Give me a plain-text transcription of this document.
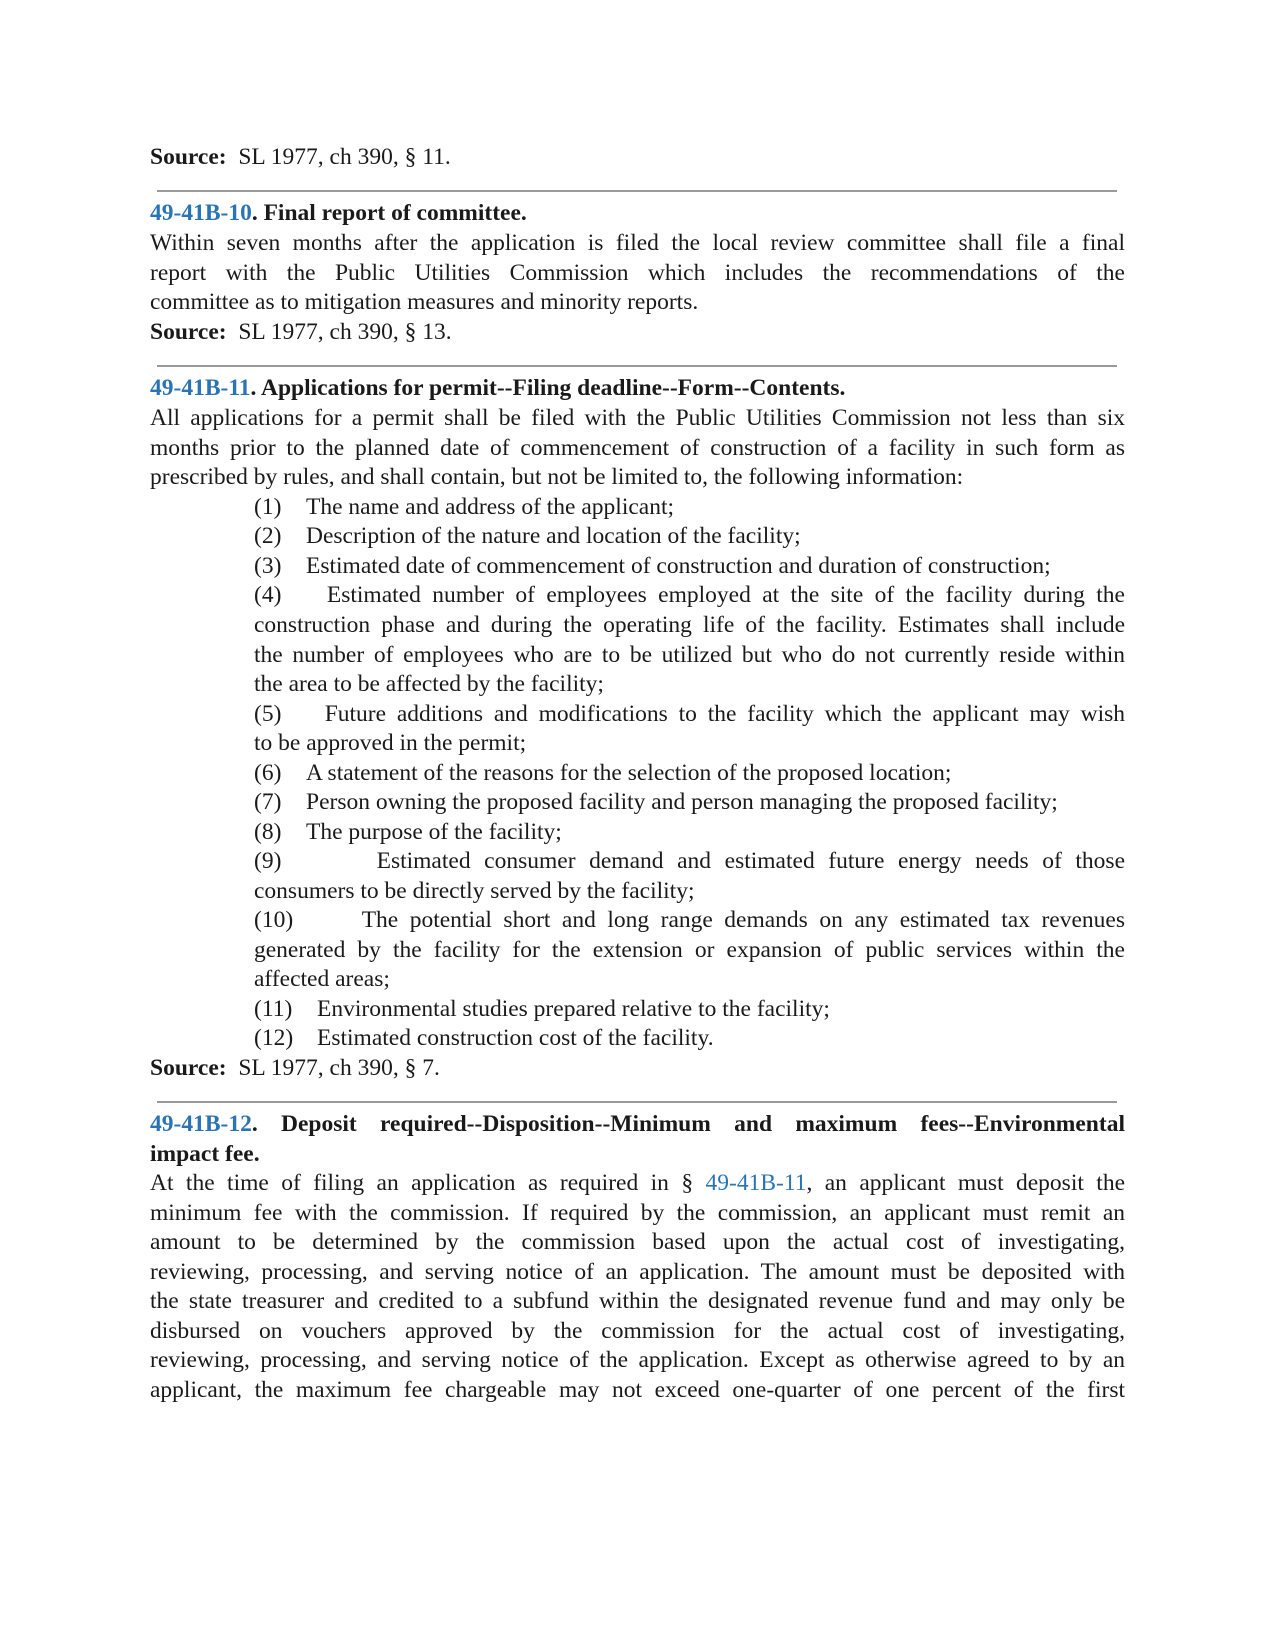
Source: SL 1977, ch 390, § 11.
49-41B-10. Final report of committee.
Within seven months after the application is filed the local review committee shall file a final
report with the Public Utilities Commission which includes the recommendations of the
committee as to mitigation measures and minority reports.
Source: SL 1977, ch 390, § 13.
49-41B-11. Applications for permit--Filing deadline--Form--Contents.
All applications for a permit shall be filed with the Public Utilities Commission not less than six
months prior to the planned date of commencement of construction of a facility in such form as
prescribed by rules, and shall contain, but not be limited to, the following information:
(1) The name and address of the applicant;
(2) Description of the nature and location of the facility;
(3) Estimated date of commencement of construction and duration of construction;
(4) Estimated number of employees employed at the site of the facility during the
construction phase and during the operating life of the facility. Estimates shall include
the number of employees who are to be utilized but who do not currently reside within
the area to be affected by the facility;
(5) Future additions and modifications to the facility which the applicant may wish
to be approved in the permit;
(6) A statement of the reasons for the selection of the proposed location;
(7) Person owning the proposed facility and person managing the proposed facility;
(8) The purpose of the facility;
(9)	Estimated consumer demand and estimated future energy needs of those
consumers to be directly served by the facility;
(10)	The potential short and long range demands on any estimated tax revenues
generated by the facility for the extension or expansion of public services within the
affected areas;
(11) Environmental studies prepared relative to the facility;
(12) Estimated construction cost of the facility.
Source: SL 1977, ch 390, § 7.
49-41B-12. Deposit required--Disposition--Minimum and maximum fees--Environmental
impact fee.
At the time of filing an application as required in § 49-41B-11, an applicant must deposit the
minimum fee with the commission. If required by the commission, an applicant must remit an
amount to be determined by the commission based upon the actual cost of investigating,
reviewing, processing, and serving notice of an application. The amount must be deposited with
the state treasurer and credited to a subfund within the designated revenue fund and may only be
disbursed on vouchers approved by the commission for the actual cost of investigating,
reviewing, processing, and serving notice of the application. Except as otherwise agreed to by an
applicant, the maximum fee chargeable may not exceed one-quarter of one percent of the first
